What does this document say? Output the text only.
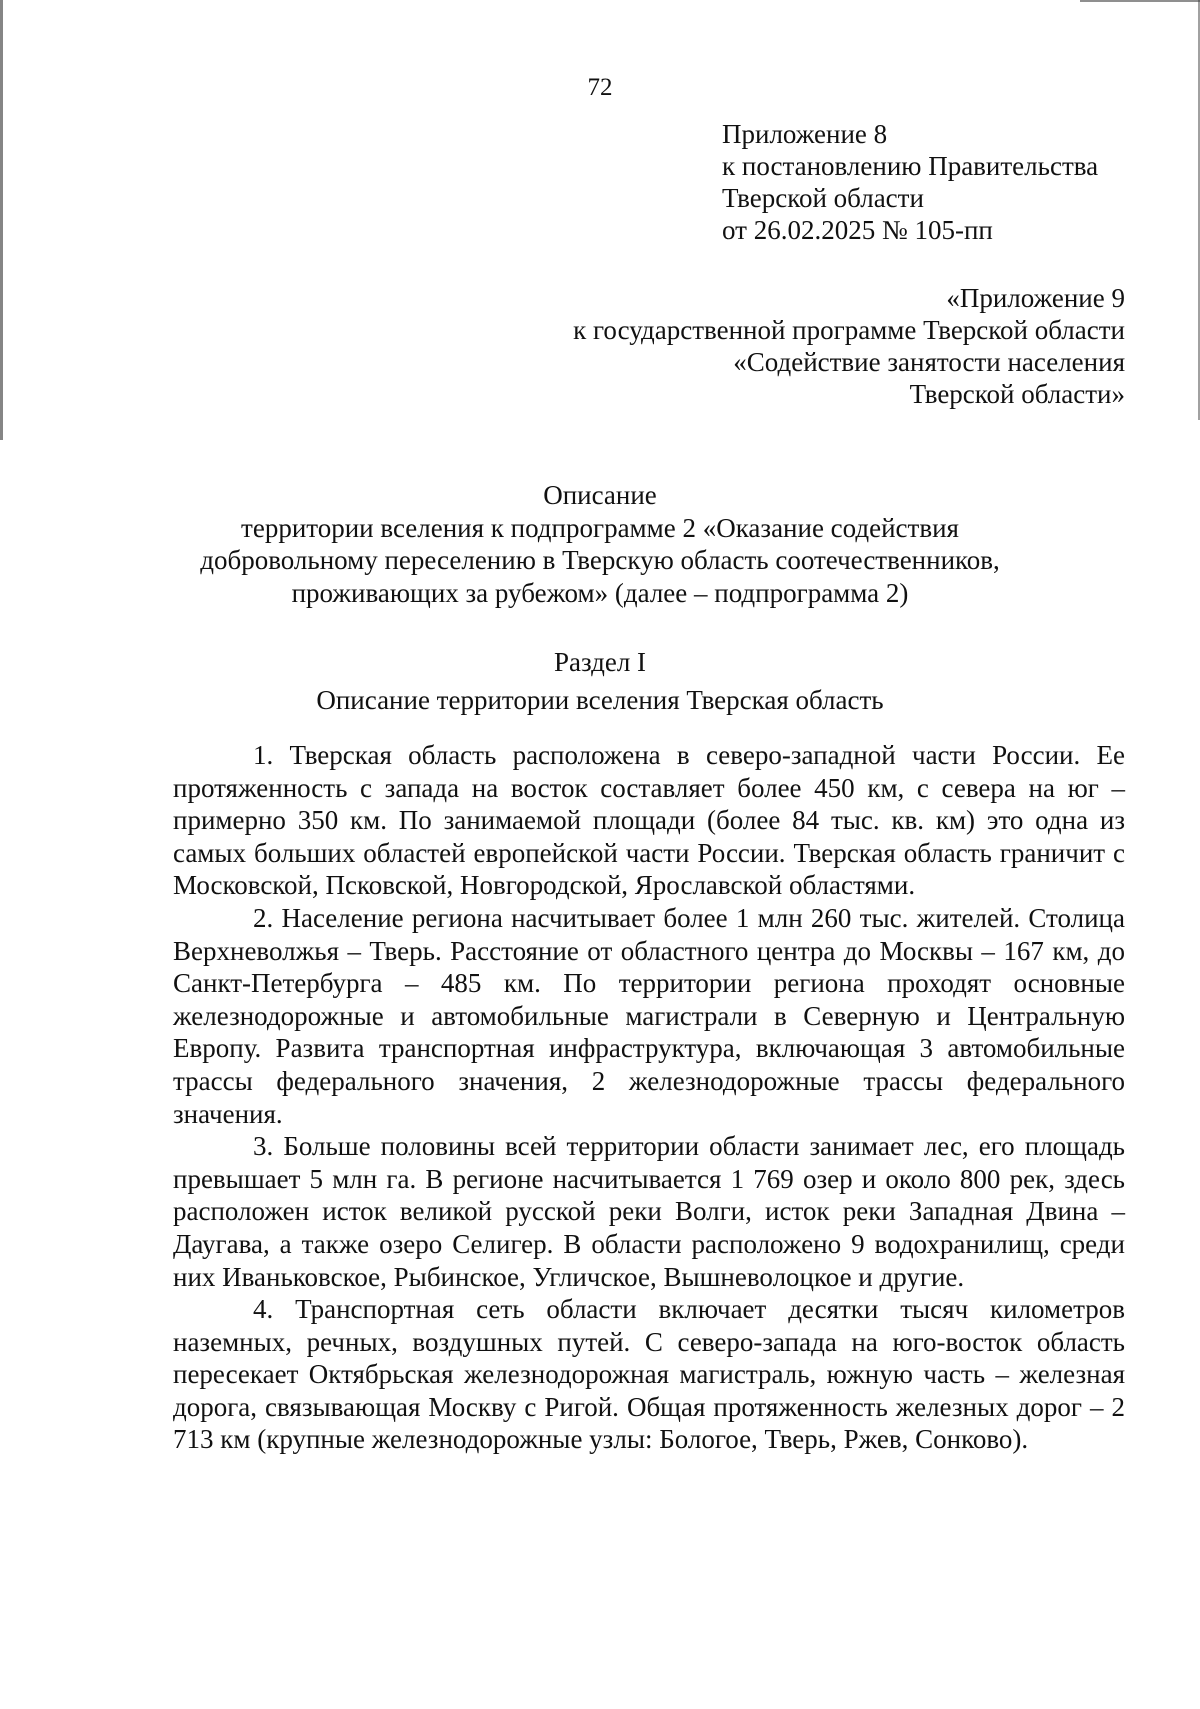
72
Приложение 8
к постановлению Правительства
Тверской области
от 26.02.2025 № 105-пп
«Приложение 9
к государственной программе Тверской области
«Содействие занятости населения
Тверской области»
Описание
территории вселения к подпрограмме 2 «Оказание содействия
добровольному переселению в Тверскую область соотечественников,
проживающих за рубежом» (далее – подпрограмма 2)
Раздел I
Описание территории вселения Тверская область

1. Тверская область расположена в северо-западной части России. Ее протяженность с запада на восток составляет более 450 км, с севера на юг – примерно 350 км. По занимаемой площади (более 84 тыс. кв. км) это одна из самых больших областей европейской части России. Тверская область граничит с Московской, Псковской, Новгородской, Ярославской областями.

2. Население региона насчитывает более 1 млн 260 тыс. жителей. Столица Верхневолжья – Тверь. Расстояние от областного центра до Москвы – 167 км, до Санкт-Петербурга – 485 км. По территории региона проходят основные железнодорожные и автомобильные магистрали в Северную и Центральную Европу. Развита транспортная инфраструктура, включающая 3 автомобильные трассы федерального значения, 2 железнодорожные трассы федерального значения.

3. Больше половины всей территории области занимает лес, его площадь превышает 5 млн га. В регионе насчитывается 1 769 озер и около 800 рек, здесь расположен исток великой русской реки Волги, исток реки Западная Двина – Даугава, а также озеро Селигер. В области расположено 9 водохранилищ, среди них Иваньковское, Рыбинское, Угличское, Вышневолоцкое и другие.

4. Транспортная сеть области включает десятки тысяч километров наземных, речных, воздушных путей. С северо-запада на юго-восток область пересекает Октябрьская железнодорожная магистраль, южную часть – железная дорога, связывающая Москву с Ригой. Общая протяженность железных дорог – 2 713 км (крупные железнодорожные узлы: Бологое, Тверь, Ржев, Сонково).
